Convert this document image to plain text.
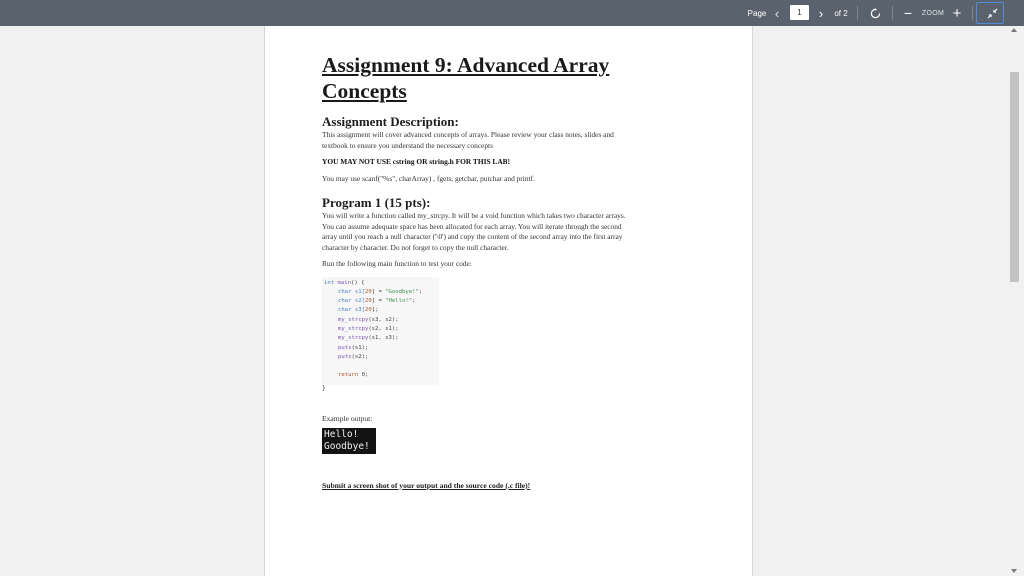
Page ‹	1	›	of 2	−	ZOOM +
Assignment 9: Advanced Array
Concepts
Assignment Description:
This assignment will cover advanced concepts of arrays. Please review your class notes, slides and
textbook to ensure you understand the necessary concepts
YOU MAY NOT USE cstring OR string.h FOR THIS LAB!
You may use scanf("%s", charArray) , fgets, getchar, putchar and printf.
Program 1 (15 pts):
You will write a function called my_strcpy. It will be a void function which takes two character arrays.
You can assume adequate space has been allocated for each array. You will iterate through the second
array until you reach a null character ('\0') and copy the content of the second array into the first array
character by character. Do not forget to copy the null character.
Run the following main function to test your code:
int main() {
char s1[20] = "Goodbye!";
char s2[20] = "Hello!";
char s3[20];
my_strcpy(s3, s2);
my_strcpy(s2, s1);
my_strcpy(s1, s3);
puts(s1);
puts(s2);

return 0;
}
Example output:
Hello!
Goodbye!
Submit a screen shot of your output and the source code (.c file)!
